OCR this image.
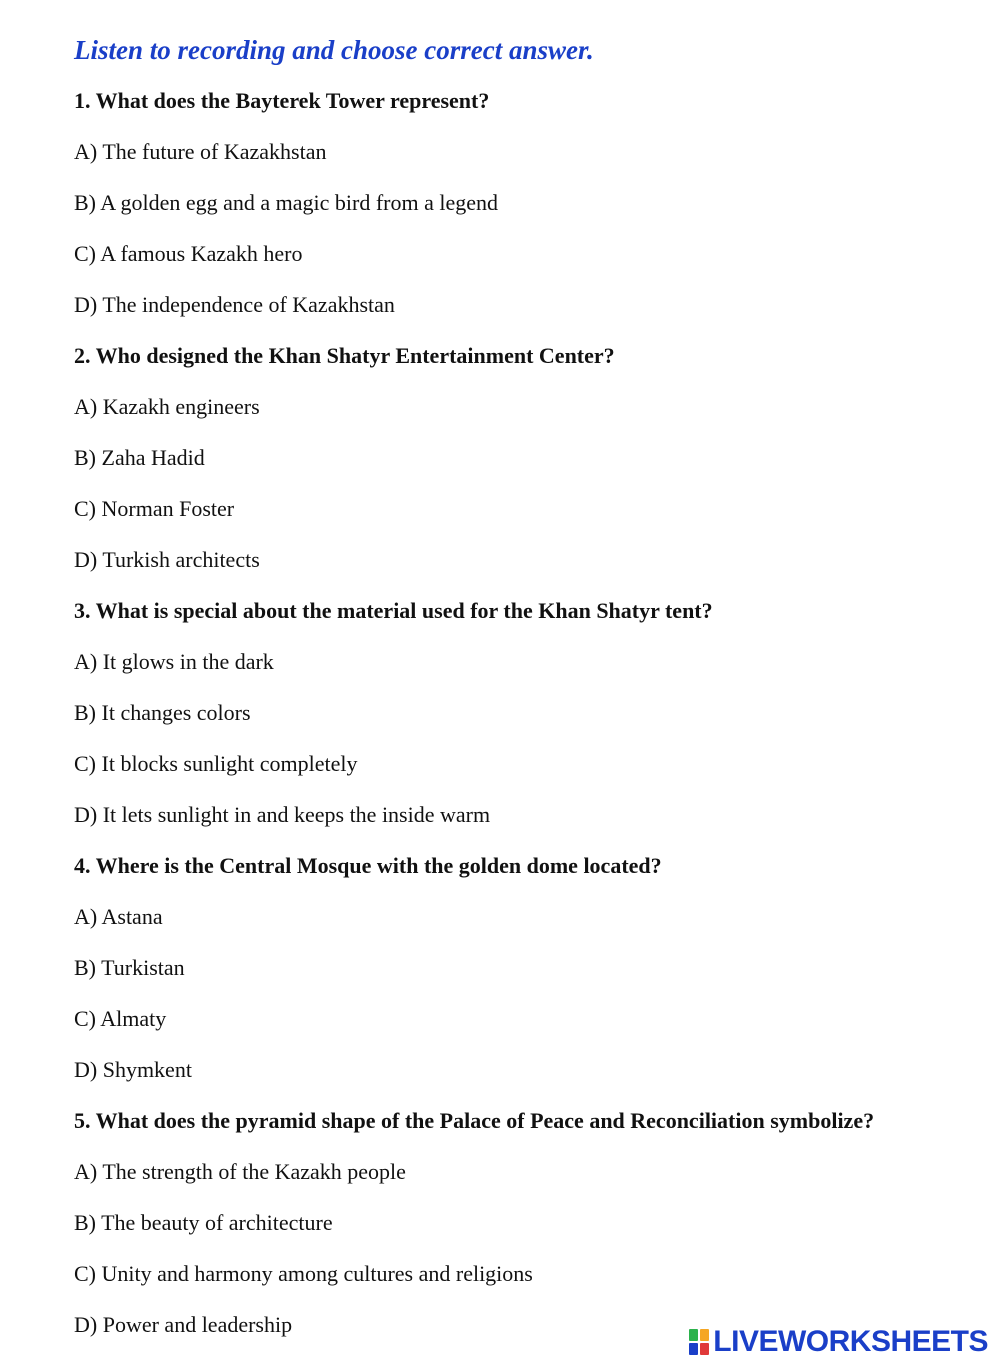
Listen to recording and choose correct answer.
1. What does the Bayterek Tower represent?
A) The future of Kazakhstan
B) A golden egg and a magic bird from a legend
C) A famous Kazakh hero
D) The independence of Kazakhstan
2. Who designed the Khan Shatyr Entertainment Center?
A) Kazakh engineers
B) Zaha Hadid
C) Norman Foster
D) Turkish architects
3. What is special about the material used for the Khan Shatyr tent?
A) It glows in the dark
B) It changes colors
C) It blocks sunlight completely
D) It lets sunlight in and keeps the inside warm
4. Where is the Central Mosque with the golden dome located?
A) Astana
B) Turkistan
C) Almaty
D) Shymkent
5. What does the pyramid shape of the Palace of Peace and Reconciliation symbolize?
A) The strength of the Kazakh people
B) The beauty of architecture
C) Unity and harmony among cultures and religions
D) Power and leadership
LIVEWORKSHEETS
